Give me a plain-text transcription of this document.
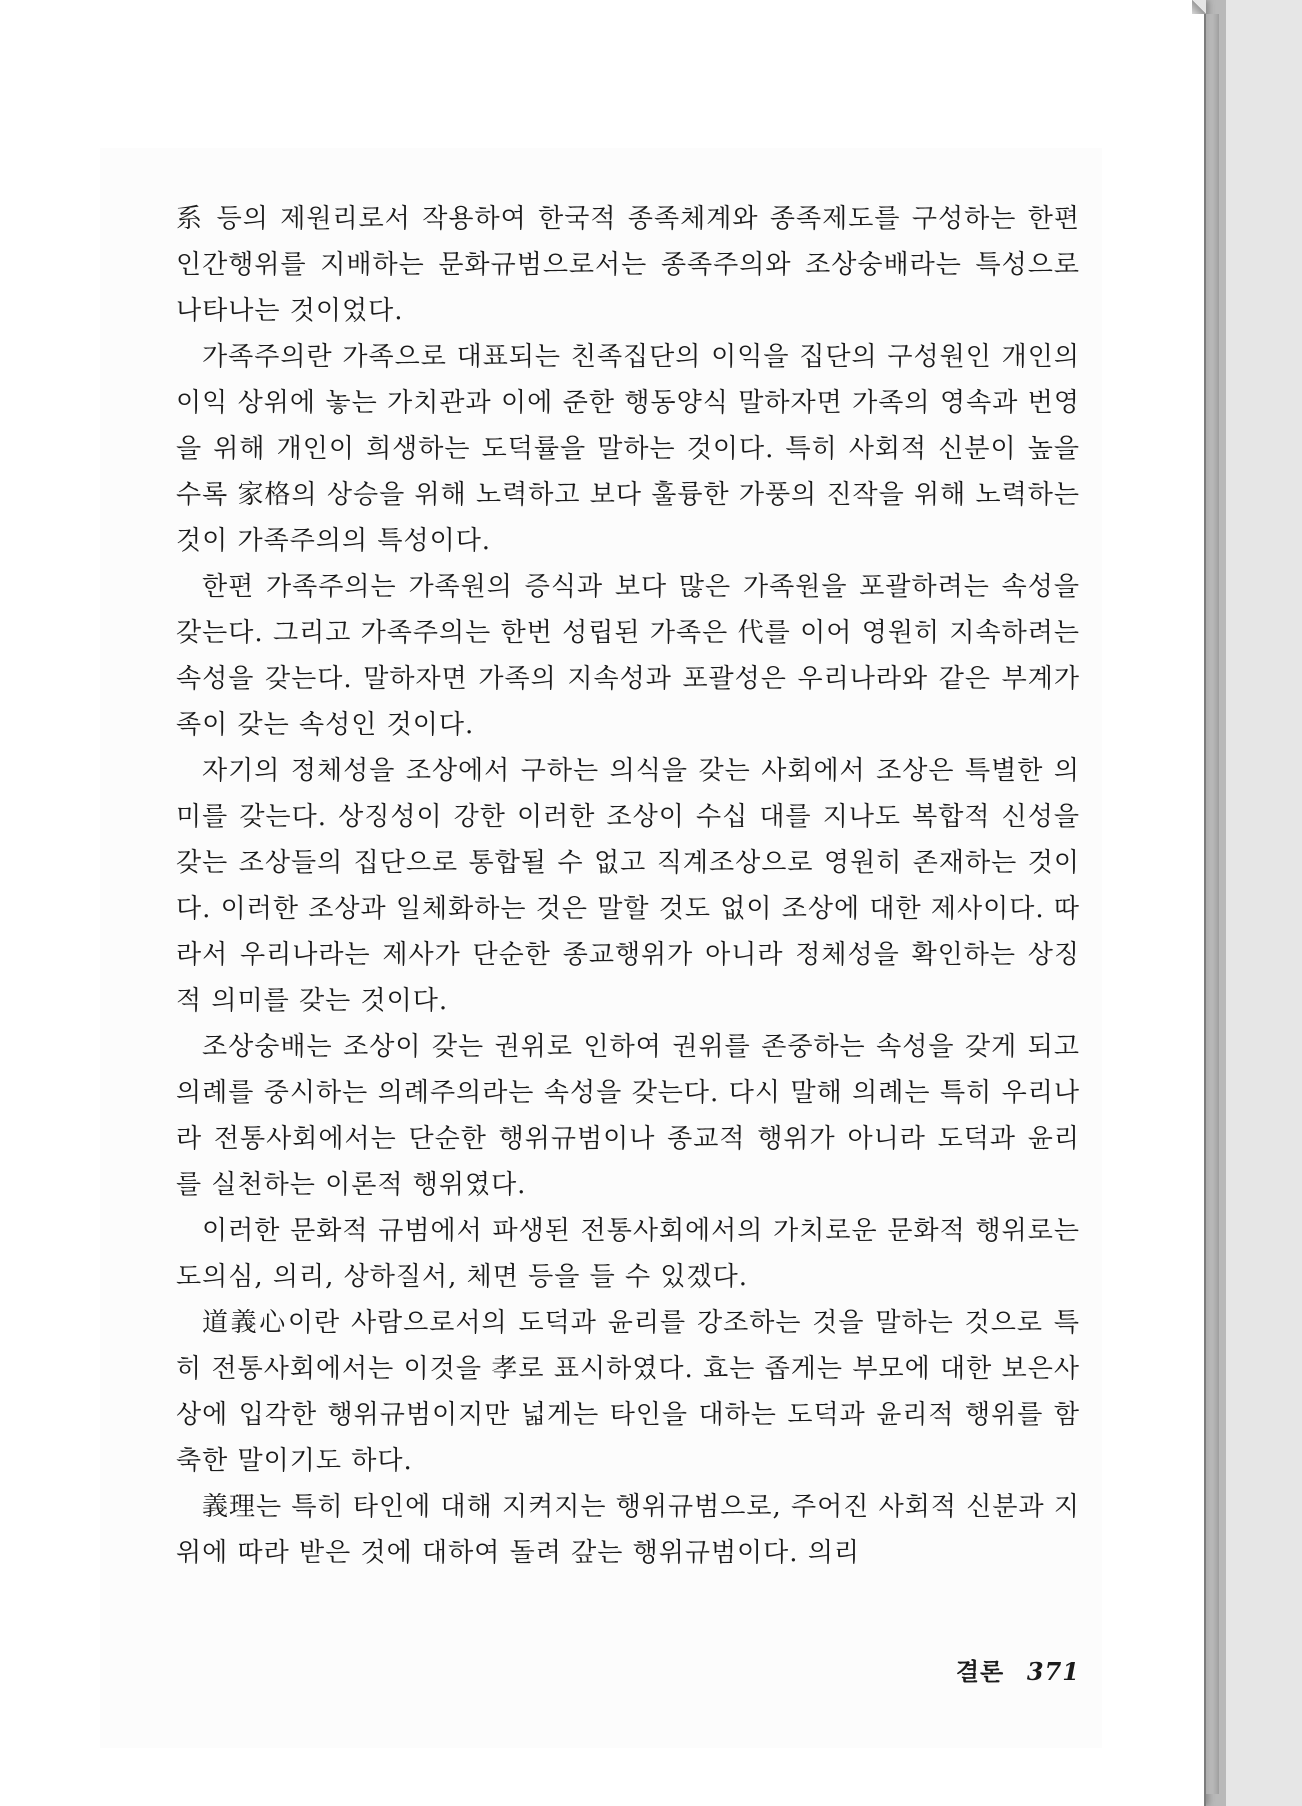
系 등의 제원리로서 작용하여 한국적 종족체계와 종족제도를 구성하는 한편 인간행위를 지배하는 문화규범으로서는 종족주의와 조상숭배라는 특성으로 나타나는 것이었다.

가족주의란 가족으로 대표되는 친족집단의 이익을 집단의 구성원인 개인의 이익 상위에 놓는 가치관과 이에 준한 행동양식 말하자면 가족의 영속과 번영을 위해 개인이 희생하는 도덕률을 말하는 것이다. 특히 사회적 신분이 높을수록 家格의 상승을 위해 노력하고 보다 훌륭한 가풍의 진작을 위해 노력하는 것이 가족주의의 특성이다.

한편 가족주의는 가족원의 증식과 보다 많은 가족원을 포괄하려는 속성을 갖는다. 그리고 가족주의는 한번 성립된 가족은 代를 이어 영원히 지속하려는 속성을 갖는다. 말하자면 가족의 지속성과 포괄성은 우리나라와 같은 부계가족이 갖는 속성인 것이다.

자기의 정체성을 조상에서 구하는 의식을 갖는 사회에서 조상은 특별한 의미를 갖는다. 상징성이 강한 이러한 조상이 수십 대를 지나도 복합적 신성을 갖는 조상들의 집단으로 통합될 수 없고 직계조상으로 영원히 존재하는 것이다. 이러한 조상과 일체화하는 것은 말할 것도 없이 조상에 대한 제사이다. 따라서 우리나라는 제사가 단순한 종교행위가 아니라 정체성을 확인하는 상징적 의미를 갖는 것이다.

조상숭배는 조상이 갖는 권위로 인하여 권위를 존중하는 속성을 갖게 되고 의례를 중시하는 의례주의라는 속성을 갖는다. 다시 말해 의례는 특히 우리나라 전통사회에서는 단순한 행위규범이나 종교적 행위가 아니라 도덕과 윤리를 실천하는 이론적 행위였다.

이러한 문화적 규범에서 파생된 전통사회에서의 가치로운 문화적 행위로는 도의심, 의리, 상하질서, 체면 등을 들 수 있겠다.

道義心이란 사람으로서의 도덕과 윤리를 강조하는 것을 말하는 것으로 특히 전통사회에서는 이것을 孝로 표시하였다. 효는 좁게는 부모에 대한 보은사상에 입각한 행위규범이지만 넓게는 타인을 대하는 도덕과 윤리적 행위를 함축한 말이기도 하다.

義理는 특히 타인에 대해 지켜지는 행위규범으로, 주어진 사회적 신분과 지위에 따라 받은 것에 대하여 돌려 갚는 행위규범이다. 의리

결론 371
